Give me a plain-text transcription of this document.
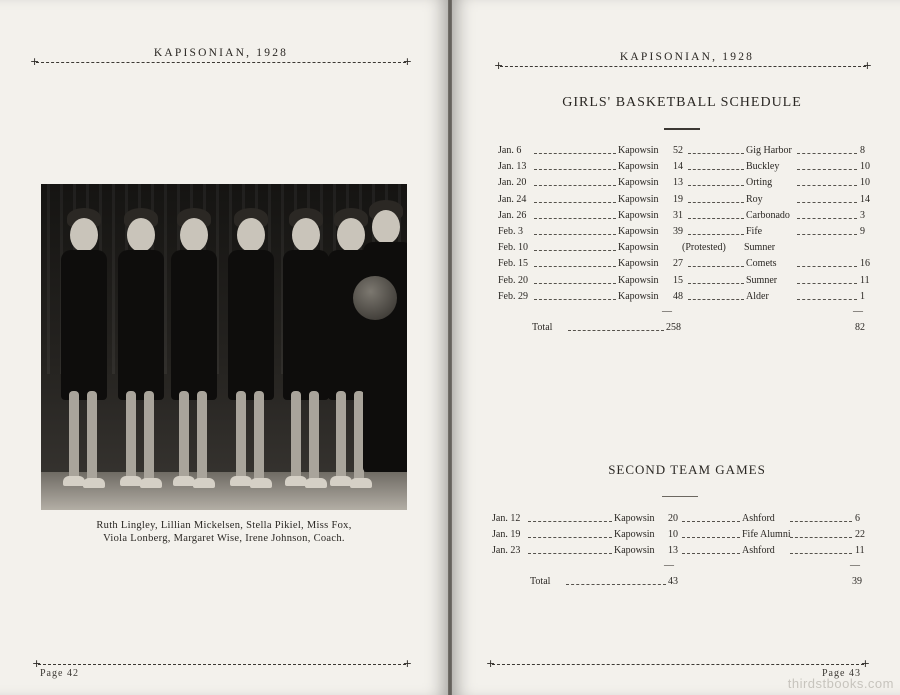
KAPISONIAN, 1928
+ +
Ruth Lingley, Lillian Mickelsen, Stella Pikiel, Miss Fox,
Viola Lonberg, Margaret Wise, Irene Johnson, Coach.
+ +
Page 42
KAPISONIAN, 1928
+ +
GIRLS' BASKETBALL SCHEDULE
Jan. 6	Kapowsin 52	Gig Harbor	8
Jan. 13	Kapowsin 14	Buckley	10
Jan. 20	Kapowsin 13	Orting	10
Jan. 24	Kapowsin 19	Roy	14
Jan. 26	Kapowsin 31	Carbonado	3
Feb. 3	Kapowsin 39	Fife	9
Feb. 10	Kapowsin (Protested) Sumner
Feb. 15	Kapowsin 27	Comets	16
Feb. 20	Kapowsin 15	Sumner	11
Feb. 29	Kapowsin 48	Alder	1
—	—
Total	258	82
SECOND TEAM GAMES
Jan. 12	Kapowsin 20	Ashford	6
Jan. 19	Kapowsin 10	Fife Alumni	22
Jan. 23	Kapowsin 13	Ashford	11
—	—
Total	43	39
+ +
Page 43
thirdstbooks.com
